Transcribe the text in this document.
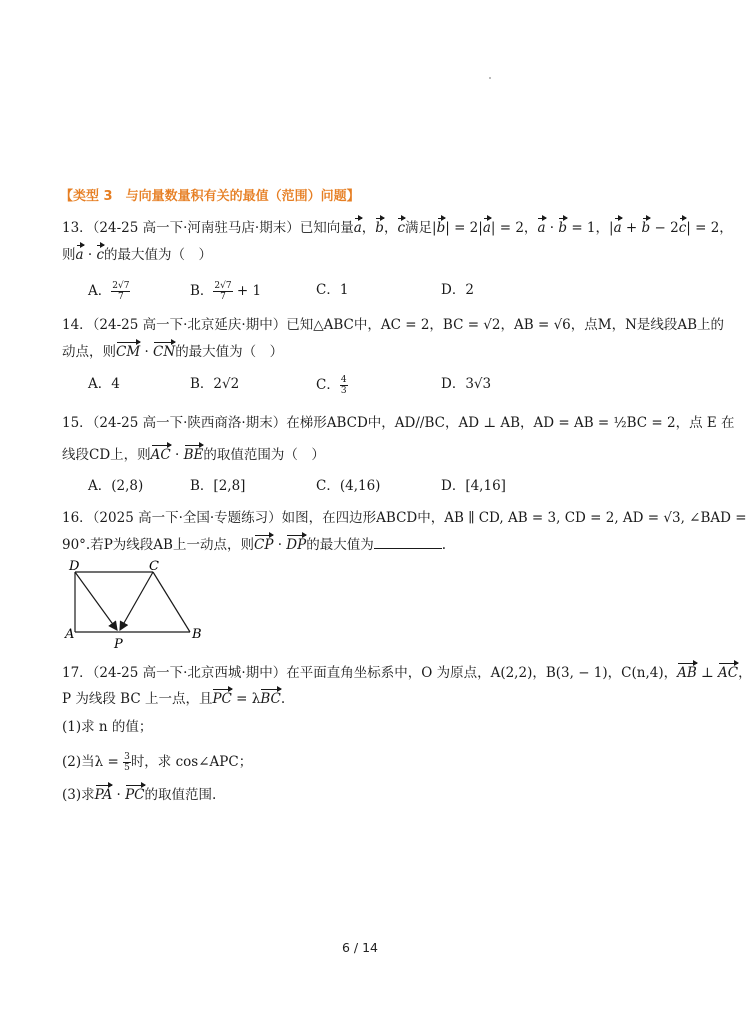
【类型 3　与向量数量积有关的最值（范围）问题】
13．（24-25 高一下·河南驻马店·期末）已知向量a，b，c满足|b| = 2|a| = 2，a · b = 1，|a + b − 2c| = 2，
则a · c的最大值为（　）
A． $\frac{2√7}{7}$	B． $\frac{2√7}{7} + 1$	C．1	D．2
14．（24-25 高一下·北京延庆·期中）已知△ABC中，AC = 2，BC = √2，AB = √6，点M，N是线段AB上的
动点，则CM · CN的最大值为（　）
A．4	B．2√2	C． $\frac{4}{3}$	D．3√3
15．（24-25 高一下·陕西商洛·期末）在梯形ABCD中，AD//BC，AD ⊥ AB，AD = AB = ½BC = 2，点 E 在
线段CD上，则AC · BE的取值范围为（　）
A．(2,8)	B．[2,8]	C．(4,16)	D．[4,16]
16．（2025 高一下·全国·专题练习）如图，在四边形ABCD中，AB ∥ CD, AB = 3, CD = 2, AD = √3, ∠BAD =
90°.若P为线段AB上一动点，则CP · DP的最大值为	.
D	C
A	B
P
17．（24-25 高一下·北京西城·期中）在平面直角坐标系中，O 为原点，A(2,2)，B(3, − 1)，C(n,4)，AB ⊥ AC，
P 为线段 BC 上一点，且PC = λBC.
(1)求 n 的值；
(2)当$\lambda = \frac{3}{5}$ 时，求 cos∠APC；
(3)求PA · PC的取值范围.
6 / 14
